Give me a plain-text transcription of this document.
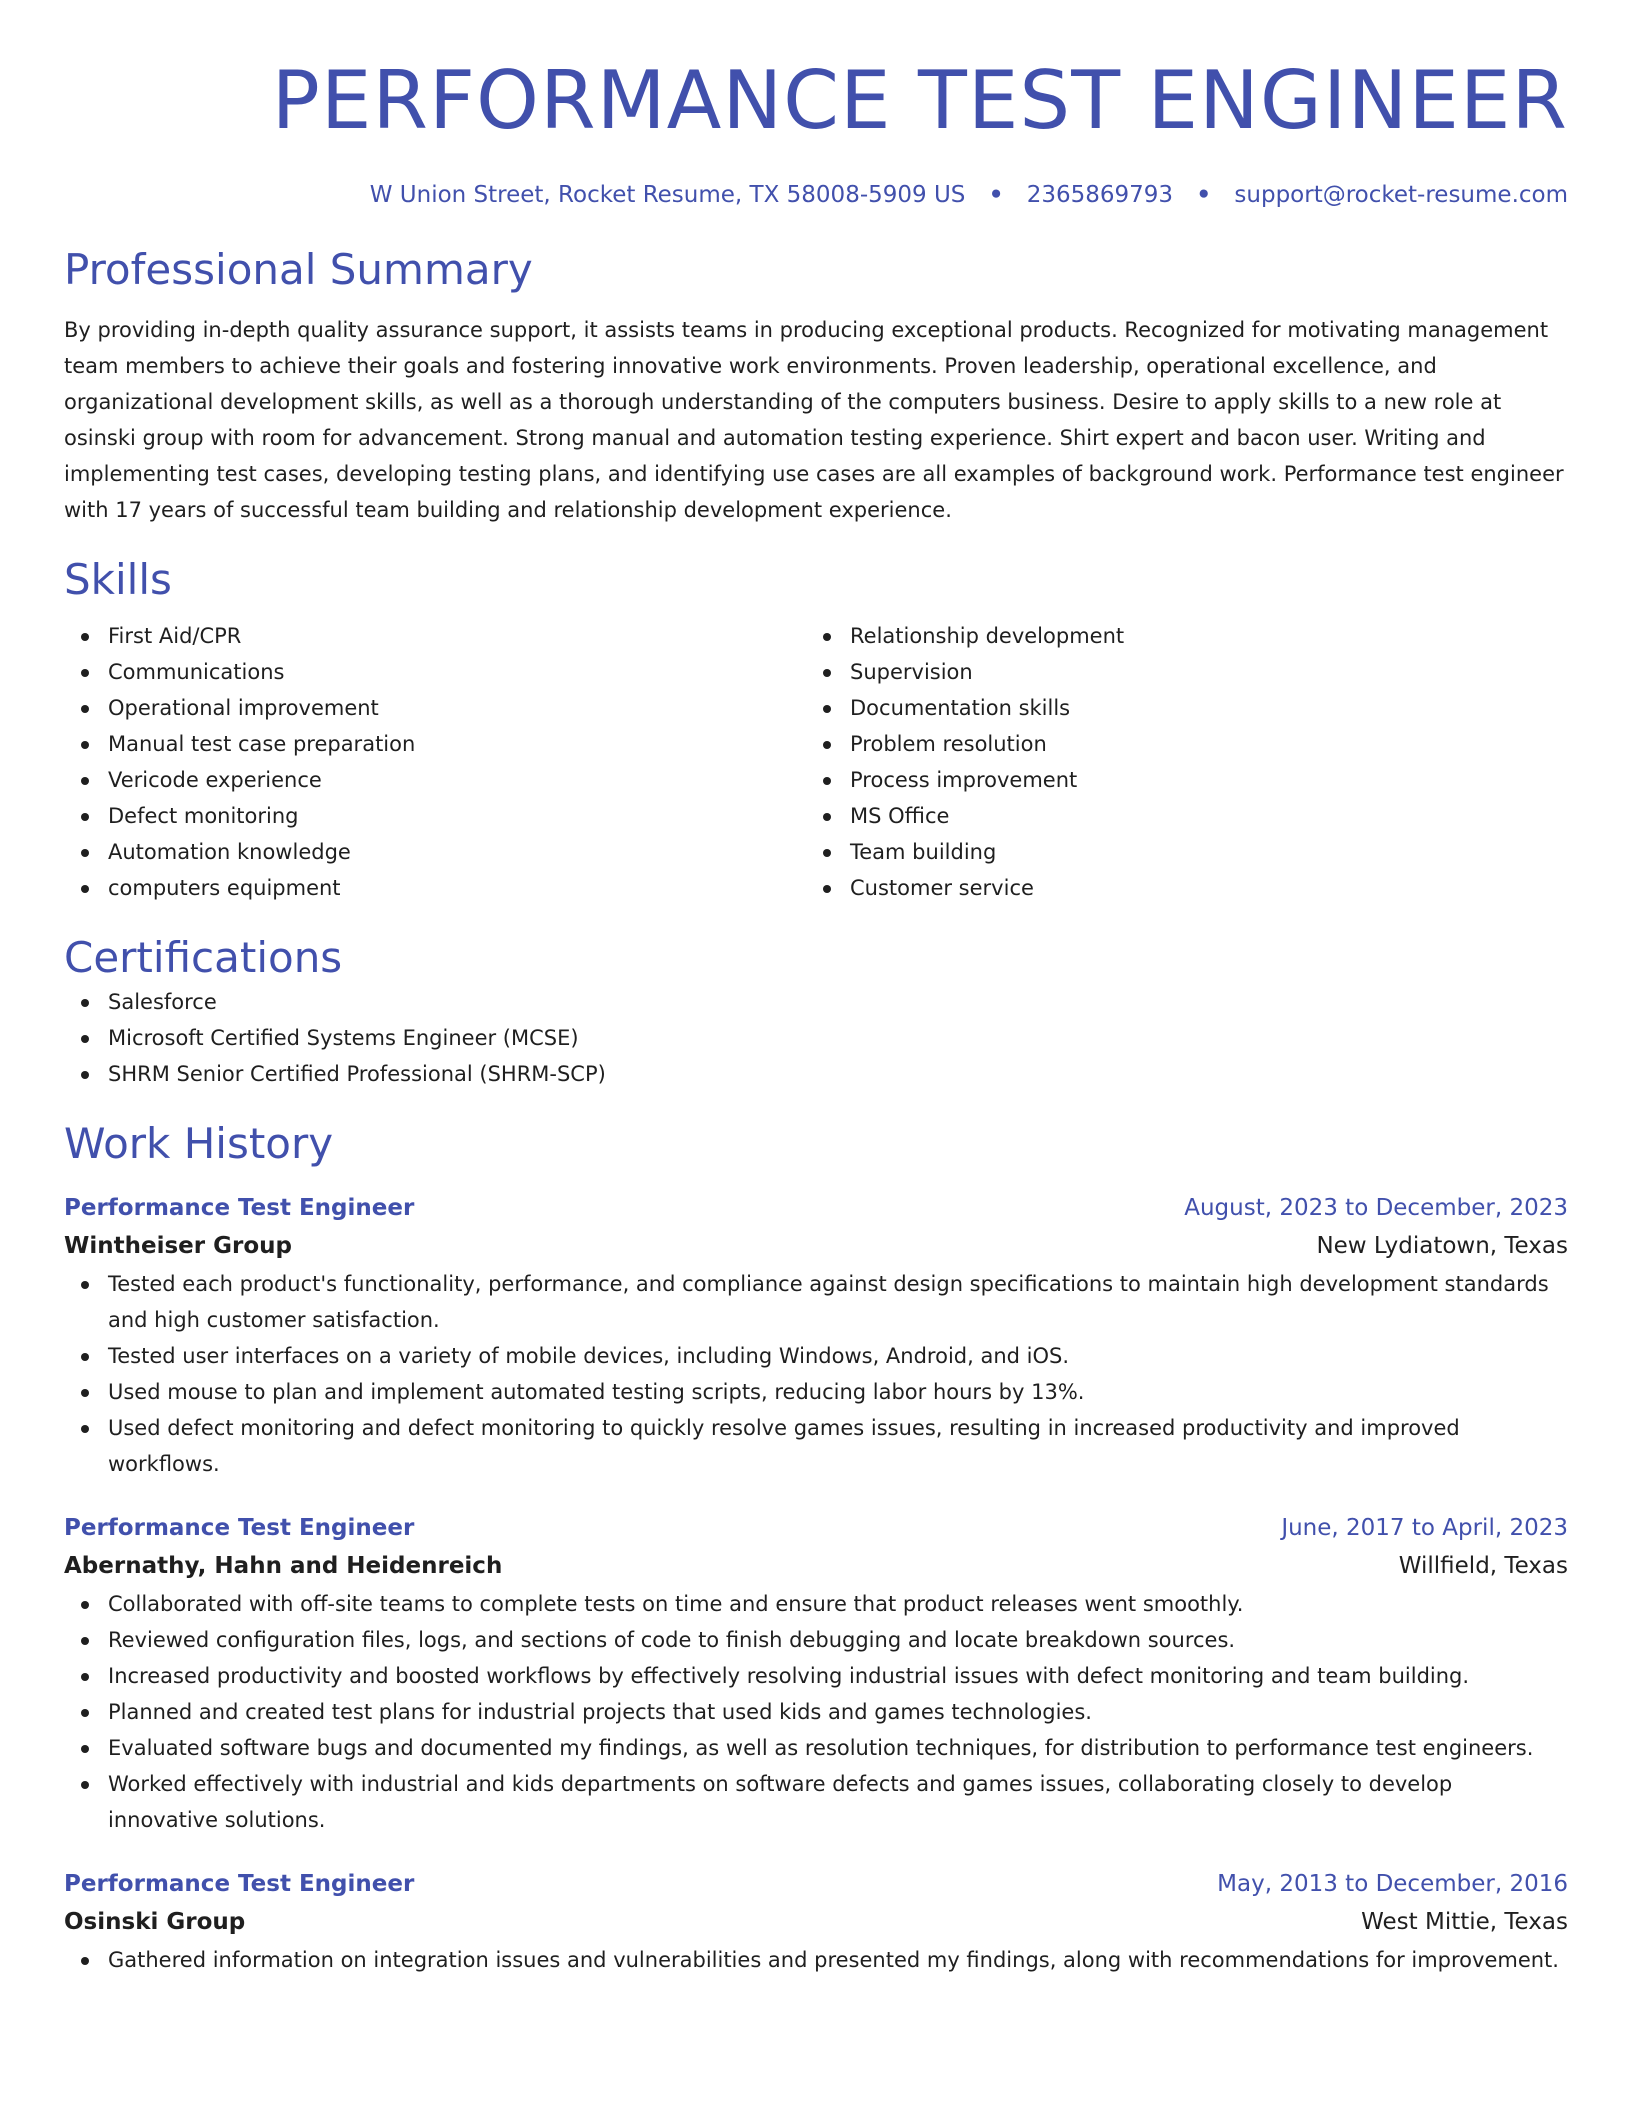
PERFORMANCE TEST ENGINEER
W Union Street, Rocket Resume, TX 58008-5909 US • 2365869793 • support@rocket-resume.com
Professional Summary

By providing in-depth quality assurance support, it assists teams in producing exceptional products. Recognized for motivating management team members to achieve their goals and fostering innovative work environments. Proven leadership, operational excellence, and organizational development skills, as well as a thorough understanding of the computers business. Desire to apply skills to a new role at osinski group with room for advancement. Strong manual and automation testing experience. Shirt expert and bacon user. Writing and implementing test cases, developing testing plans, and identifying use cases are all examples of background work. Performance test engineer with 17 years of successful team building and relationship development experience.

Skills
First Aid/CPR
Communications
Operational improvement
Manual test case preparation
Vericode experience
Defect monitoring
Automation knowledge
computers equipment
Relationship development
Supervision
Documentation skills
Problem resolution
Process improvement
MS Office
Team building
Customer service
Certifications
Salesforce
Microsoft Certified Systems Engineer (MCSE)
SHRM Senior Certified Professional (SHRM-SCP)
Work History
Performance Test Engineer	August, 2023 to December, 2023
Wintheiser Group	New Lydiatown, Texas
Tested each product's functionality, performance, and compliance against design specifications to maintain high development standards and high customer satisfaction.
Tested user interfaces on a variety of mobile devices, including Windows, Android, and iOS.
Used mouse to plan and implement automated testing scripts, reducing labor hours by 13%.
Used defect monitoring and defect monitoring to quickly resolve games issues, resulting in increased productivity and improved workflows.
Performance Test Engineer	June, 2017 to April, 2023
Abernathy, Hahn and Heidenreich	Willfield, Texas
Collaborated with off-site teams to complete tests on time and ensure that product releases went smoothly.
Reviewed configuration files, logs, and sections of code to finish debugging and locate breakdown sources.
Increased productivity and boosted workflows by effectively resolving industrial issues with defect monitoring and team building.
Planned and created test plans for industrial projects that used kids and games technologies.
Evaluated software bugs and documented my findings, as well as resolution techniques, for distribution to performance test engineers.
Worked effectively with industrial and kids departments on software defects and games issues, collaborating closely to develop innovative solutions.
Performance Test Engineer	May, 2013 to December, 2016
Osinski Group	West Mittie, Texas
Gathered information on integration issues and vulnerabilities and presented my findings, along with recommendations for improvement.
